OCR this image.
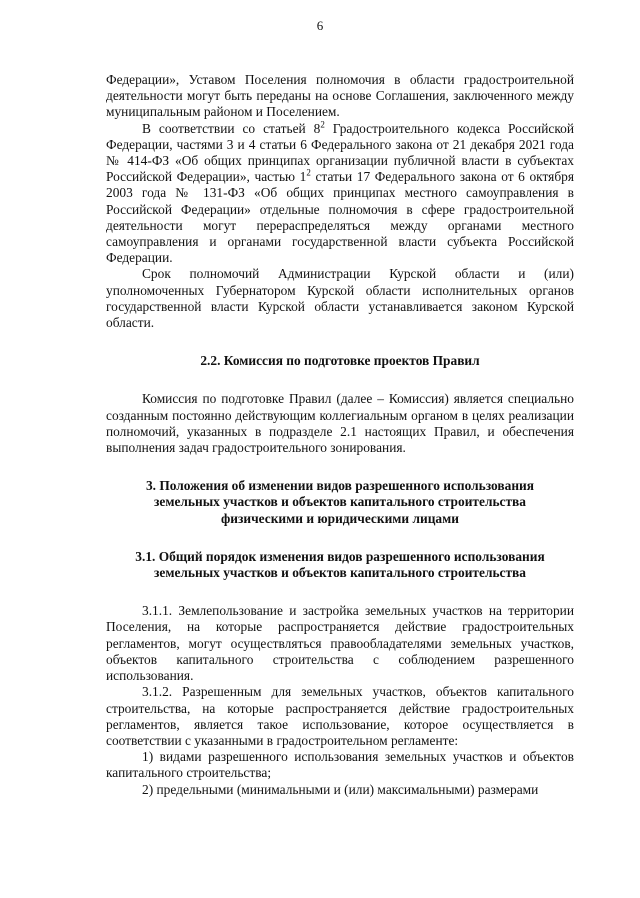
6

Федерации», Уставом Поселения полномочия в области градостроительной деятельности могут быть переданы на основе Соглашения, заключенного между муниципальным районом и Поселением.

В соответствии со статьей $8^2$ Градостроительного кодекса Российской Федерации, частями 3 и 4 статьи 6 Федерального закона от 21 декабря 2021 года № 414-ФЗ «Об общих принципах организации публичной власти в субъектах Российской Федерации», частью $1^2$ статьи 17 Федерального закона от 6 октября 2003 года № 131-ФЗ «Об общих принципах местного самоуправления в Российской Федерации» отдельные полномочия в сфере градостроительной деятельности могут перераспределяться между органами местного самоуправления и органами государственной власти субъекта Российской Федерации.

Срок полномочий Администрации Курской области и (или) уполномоченных Губернатором Курской области исполнительных органов государственной власти Курской области устанавливается законом Курской области.

2.2. Комиссия по подготовке проектов Правил

Комиссия по подготовке Правил (далее – Комиссия) является специально созданным постоянно действующим коллегиальным органом в целях реализации полномочий, указанных в подразделе 2.1 настоящих Правил, и обеспечения выполнения задач градостроительного зонирования.

3. Положения об изменении видов разрешенного использования
земельных участков и объектов капитального строительства
физическими и юридическими лицами
3.1. Общий порядок изменения видов разрешенного использования
земельных участков и объектов капитального строительства

3.1.1. Землепользование и застройка земельных участков на территории Поселения, на которые распространяется действие градостроительных регламентов, могут осуществляться правообладателями земельных участков, объектов капитального строительства с соблюдением разрешенного использования.

3.1.2. Разрешенным для земельных участков, объектов капитального строительства, на которые распространяется действие градостроительных регламентов, является такое использование, которое осуществляется в соответствии с указанными в градостроительном регламенте:

1) видами разрешенного использования земельных участков и объектов капитального строительства;

2) предельными (минимальными и (или) максимальными) размерами
